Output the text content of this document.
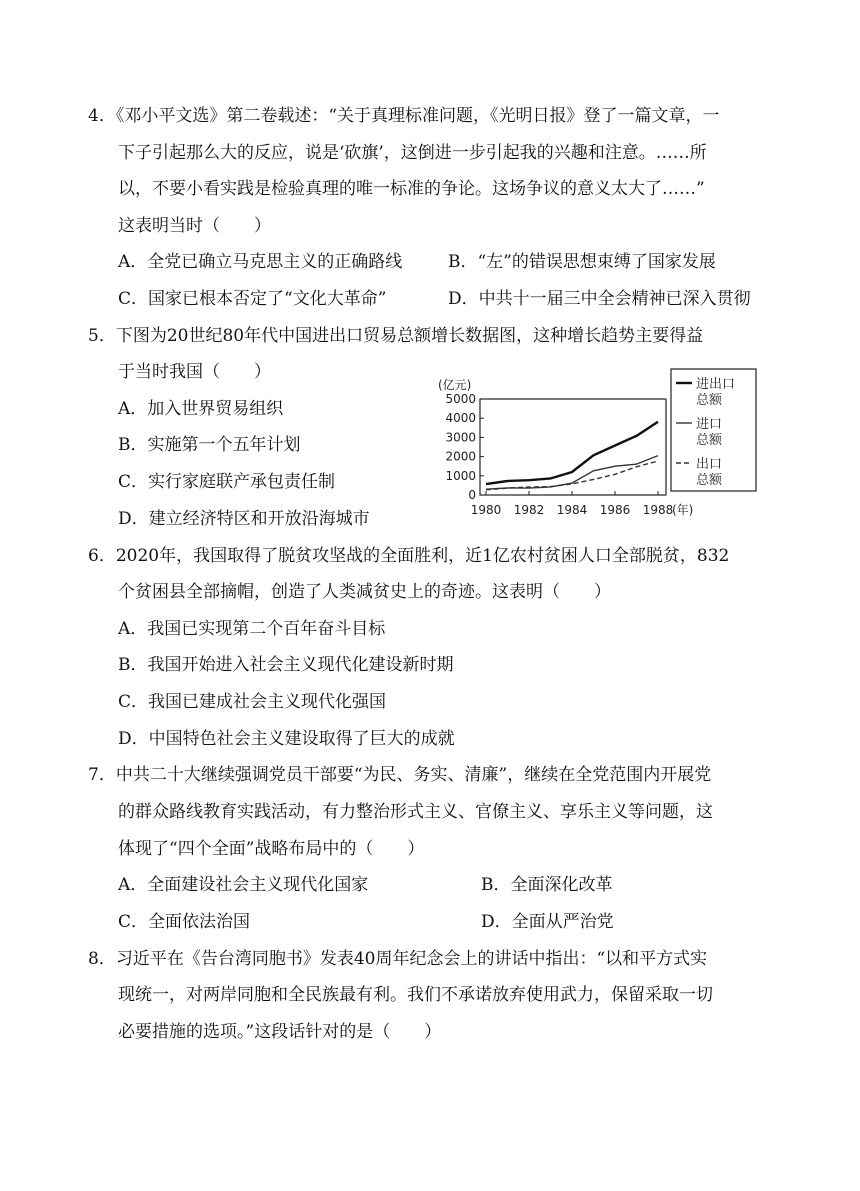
4．《邓小平文选》第二卷载述：“关于真理标准问题，《光明日报》登了一篇文章，一
下子引起那么大的反应，说是‘砍旗’，这倒进一步引起我的兴趣和注意。……所
以，不要小看实践是检验真理的唯一标准的争论。这场争议的意义太大了……”
这表明当时（　　）
A．全党已确立马克思主义的正确路线	B．“左”的错误思想束缚了国家发展
C．国家已根本否定了“文化大革命”	D．中共十一届三中全会精神已深入贯彻
5．下图为20世纪80年代中国进出口贸易总额增长数据图，这种增长趋势主要得益
于当时我国（　　）
A．加入世界贸易组织
B．实施第一个五年计划
C．实行家庭联产承包责任制
D．建立经济特区和开放沿海城市
(亿元)
0
1000
2000
3000
4000
5000
1980 1982 1984 1986 1988
(年)
进出口
总额
进口
总额
出口
总额
6．2020年，我国取得了脱贫攻坚战的全面胜利，近1亿农村贫困人口全部脱贫，832
个贫困县全部摘帽，创造了人类减贫史上的奇迹。这表明（　　）
A．我国已实现第二个百年奋斗目标
B．我国开始进入社会主义现代化建设新时期
C．我国已建成社会主义现代化强国
D．中国特色社会主义建设取得了巨大的成就
7．中共二十大继续强调党员干部要“为民、务实、清廉”，继续在全党范围内开展党
的群众路线教育实践活动，有力整治形式主义、官僚主义、享乐主义等问题，这
体现了“四个全面”战略布局中的（　　）
A．全面建设社会主义现代化国家	B．全面深化改革
C．全面依法治国	D．全面从严治党
8．习近平在《告台湾同胞书》发表40周年纪念会上的讲话中指出：“以和平方式实
现统一，对两岸同胞和全民族最有利。我们不承诺放弃使用武力，保留采取一切
必要措施的选项。”这段话针对的是（　　）
